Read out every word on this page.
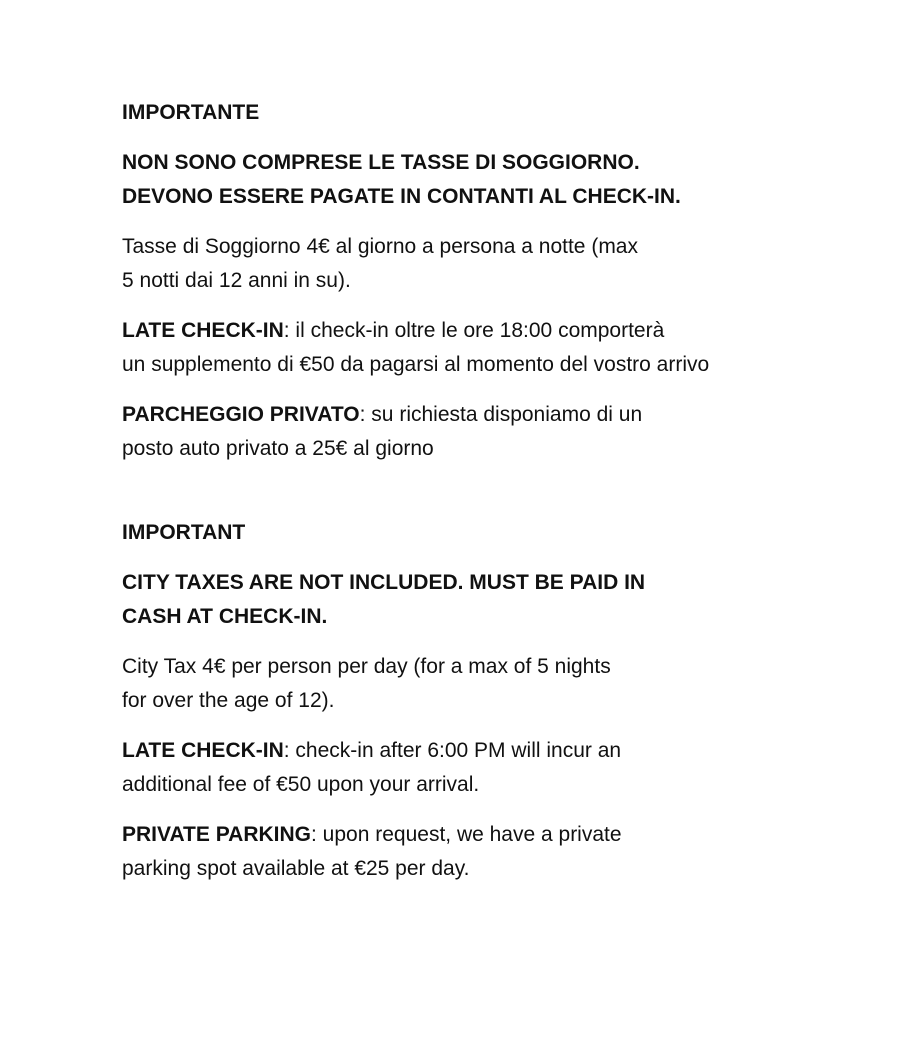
IMPORTANTE

NON SONO COMPRESE LE TASSE DI SOGGIORNO.
DEVONO ESSERE PAGATE IN CONTANTI AL CHECK-IN.

Tasse di Soggiorno 4€ al giorno a persona a notte (max
5 notti dai 12 anni in su).

LATE CHECK-IN: il check-in oltre le ore 18:00 comporterà
un supplemento di €50 da pagarsi al momento del vostro arrivo

PARCHEGGIO PRIVATO: su richiesta disponiamo di un
posto auto privato a 25€ al giorno

IMPORTANT

CITY TAXES ARE NOT INCLUDED. MUST BE PAID IN
CASH AT CHECK-IN.

City Tax 4€ per person per day (for a max of 5 nights
for over the age of 12).

LATE CHECK-IN: check-in after 6:00 PM will incur an
additional fee of €50 upon your arrival.

PRIVATE PARKING: upon request, we have a private
parking spot available at €25 per day.
